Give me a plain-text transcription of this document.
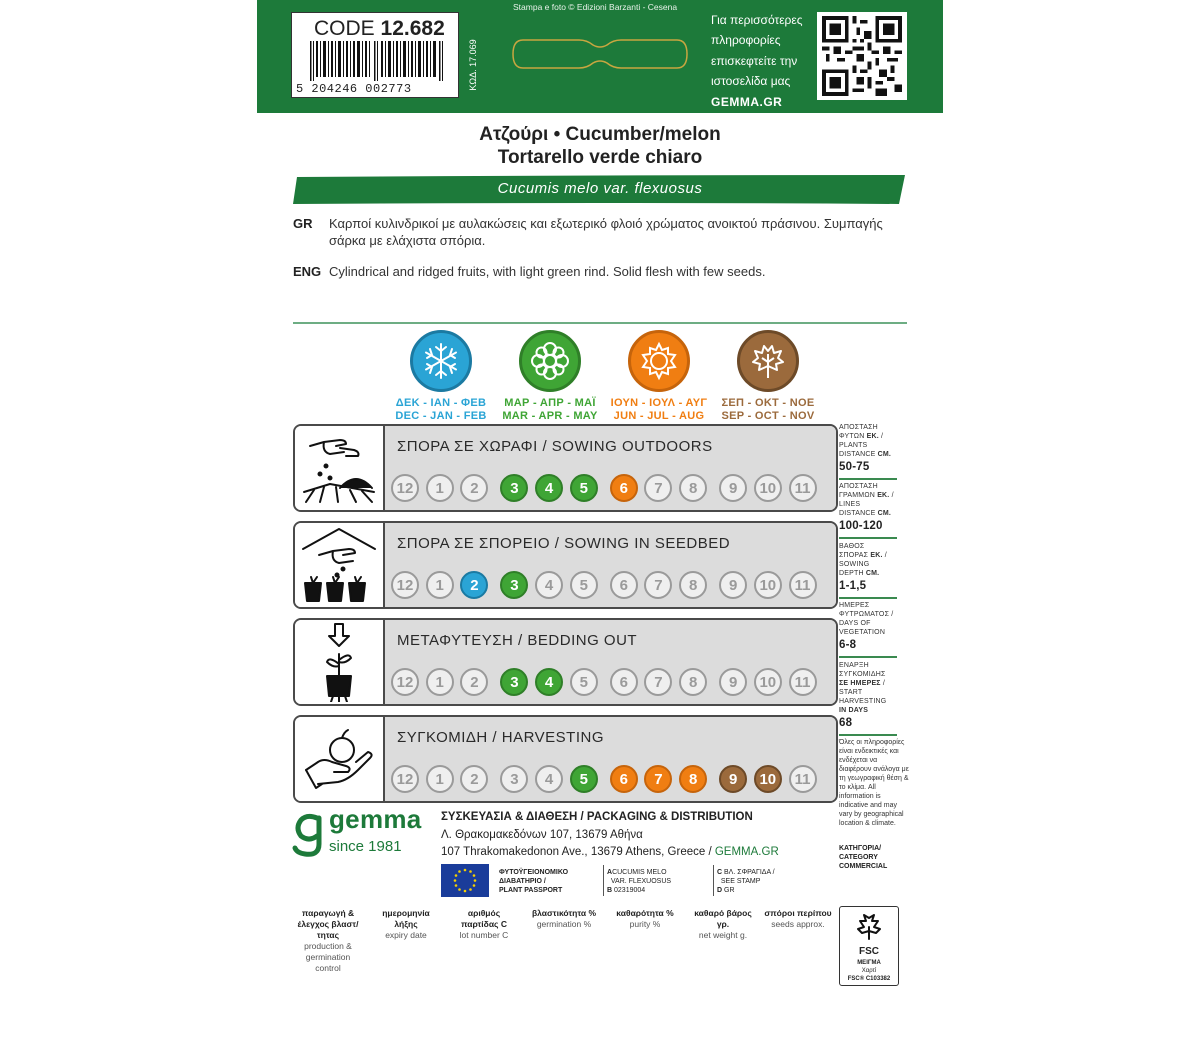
CODE 12.682
5 204246 002773	ΚΩΔ. 17.069
Stampa e foto © Edizioni Barzanti - Cesena
Για περισσότερες
πληροφορίες
επισκεφτείτε την
ιστοσελίδα μας
GEMMA.GR
Ατζούρι • Cucumber/melon
Tortarello verde chiaro
Cucumis melo var. flexuosus
GR Καρποί κυλινδρικοί με αυλακώσεις και εξωτερικό φλοιό χρώματος ανοικτού πράσινου. Συμπαγής σάρκα με ελάχιστα σπόρια.
ENG Cylindrical and ridged fruits, with light green rind. Solid flesh with few seeds.
ΔΕΚ - ΙΑΝ - ΦΕΒ
DEC - JAN - FEB
ΜΑΡ - ΑΠΡ - ΜΑΪ
MAR - APR - MAY
ΙΟΥΝ - ΙΟΥΛ - ΑΥΓ
JUN - JUL - AUG
ΣΕΠ - ΟΚΤ - ΝΟΕ
SEP - OCT - NOV
ΣΠΟΡΑ ΣΕ ΧΩΡΑΦΙ / SOWING OUTDOORS
12	1	2	3	4	5	6	7	8	9	10	11
ΣΠΟΡΑ ΣΕ ΣΠΟΡΕΙΟ / SOWING IN SEEDBED
12	1	2	3	4	5	6	7	8	9	10	11
ΜΕΤΑΦΥΤΕΥΣΗ / BEDDING OUT
12	1	2	3	4	5	6	7	8	9	10	11
ΣΥΓΚΟΜΙΔΗ / HARVESTING
12	1	2	3	4	5	6	7	8	9	10	11
ΑΠΟΣΤΑΣΗ
ΦΥΤΩΝ ΕΚ. /
PLANTS
DISTANCE CM.
50-75
ΑΠΟΣΤΑΣΗ
ΓΡΑΜΜΩΝ ΕΚ. /
LINES
DISTANCE CM.
100-120
ΒΑΘΟΣ
ΣΠΟΡΑΣ ΕΚ. /
SOWING
DEPTH CM.
1-1,5
ΗΜΕΡΕΣ
ΦΥΤΡΩΜΑΤΟΣ /
DAYS OF
VEGETATION
6-8
ΕΝΑΡΞΗ
ΣΥΓΚΟΜΙΔΗΣ
ΣΕ ΗΜΕΡΕΣ /
START
HARVESTING
IN DAYS
68
Όλες οι πληροφορίες είναι ενδεικτικές και ενδέχεται να διαφέρουν ανάλογα με τη γεωγραφική θέση & το κλίμα. All information is indicative and may vary by geographical location & climate.
ΚΑΤΗΓΟΡΙΑ/ CATEGORY COMMERCIAL
gemma
since 1981
ΣΥΣΚΕΥΑΣΙΑ & ΔΙΑΘΕΣΗ / PACKAGING & DISTRIBUTION
Λ. Θρακομακεδόνων 107, 13679 Αθήνα
107 Thrakomakedonon Ave., 13679 Athens, Greece / GEMMA.GR
ΦΥΤΟΫΓΕΙΟΝΟΜΙΚΟ
ΔΙΑΒΑΤΗΡΙΟ /
PLANT PASSPORT
ACUCUMIS MELO
VAR. FLEXUOSUS
B 02319004
C ΒΛ. ΣΦΡΑΓΙΔΑ /
SEE STAMP
D GR
παραγωγή & έλεγχος βλαστ/τητας
production & germination control
ημερομηνία λήξης
expiry date
αριθμός παρτίδας C
lot number C
βλαστικότητα %
germination %
καθαρότητα %
purity %
καθαρό βάρος γρ.
net weight g.
σπόροι περίπου
seeds approx.
FSC
ΜΕΙΓΜΑ
Χαρτί
FSC® C103382
